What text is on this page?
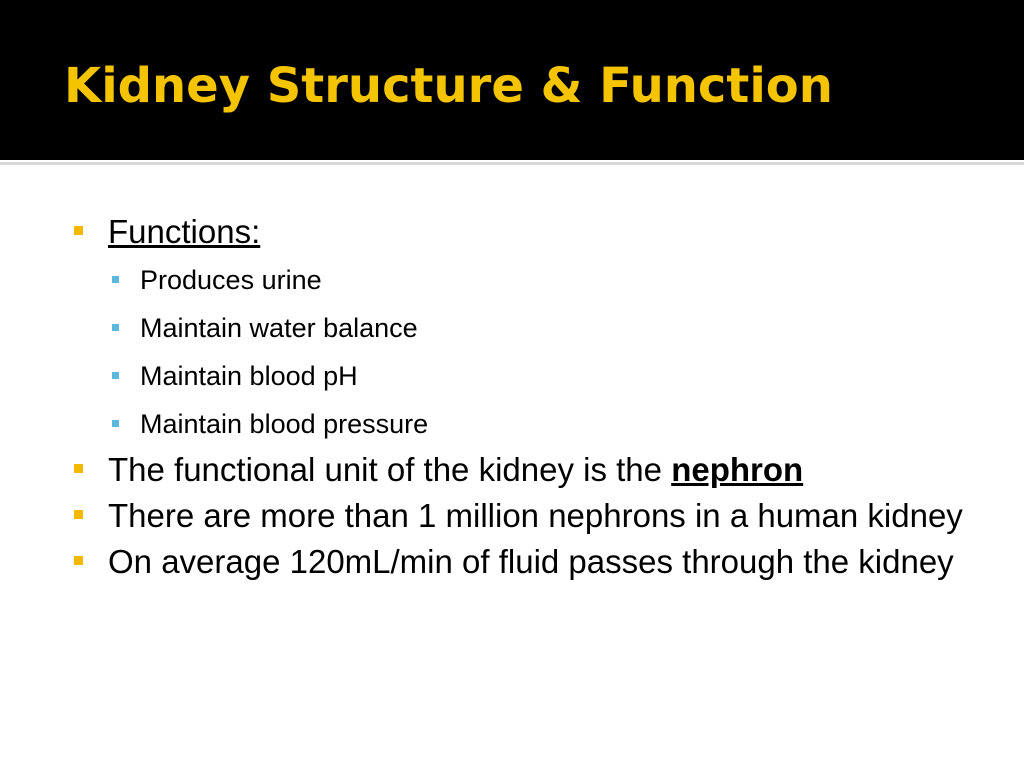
Kidney Structure & Function
Functions:
Produces urine
Maintain water balance
Maintain blood pH
Maintain blood pressure
The functional unit of the kidney is the nephron
There are more than 1 million nephrons in a human kidney
On average 120mL/min of fluid passes through the kidney
